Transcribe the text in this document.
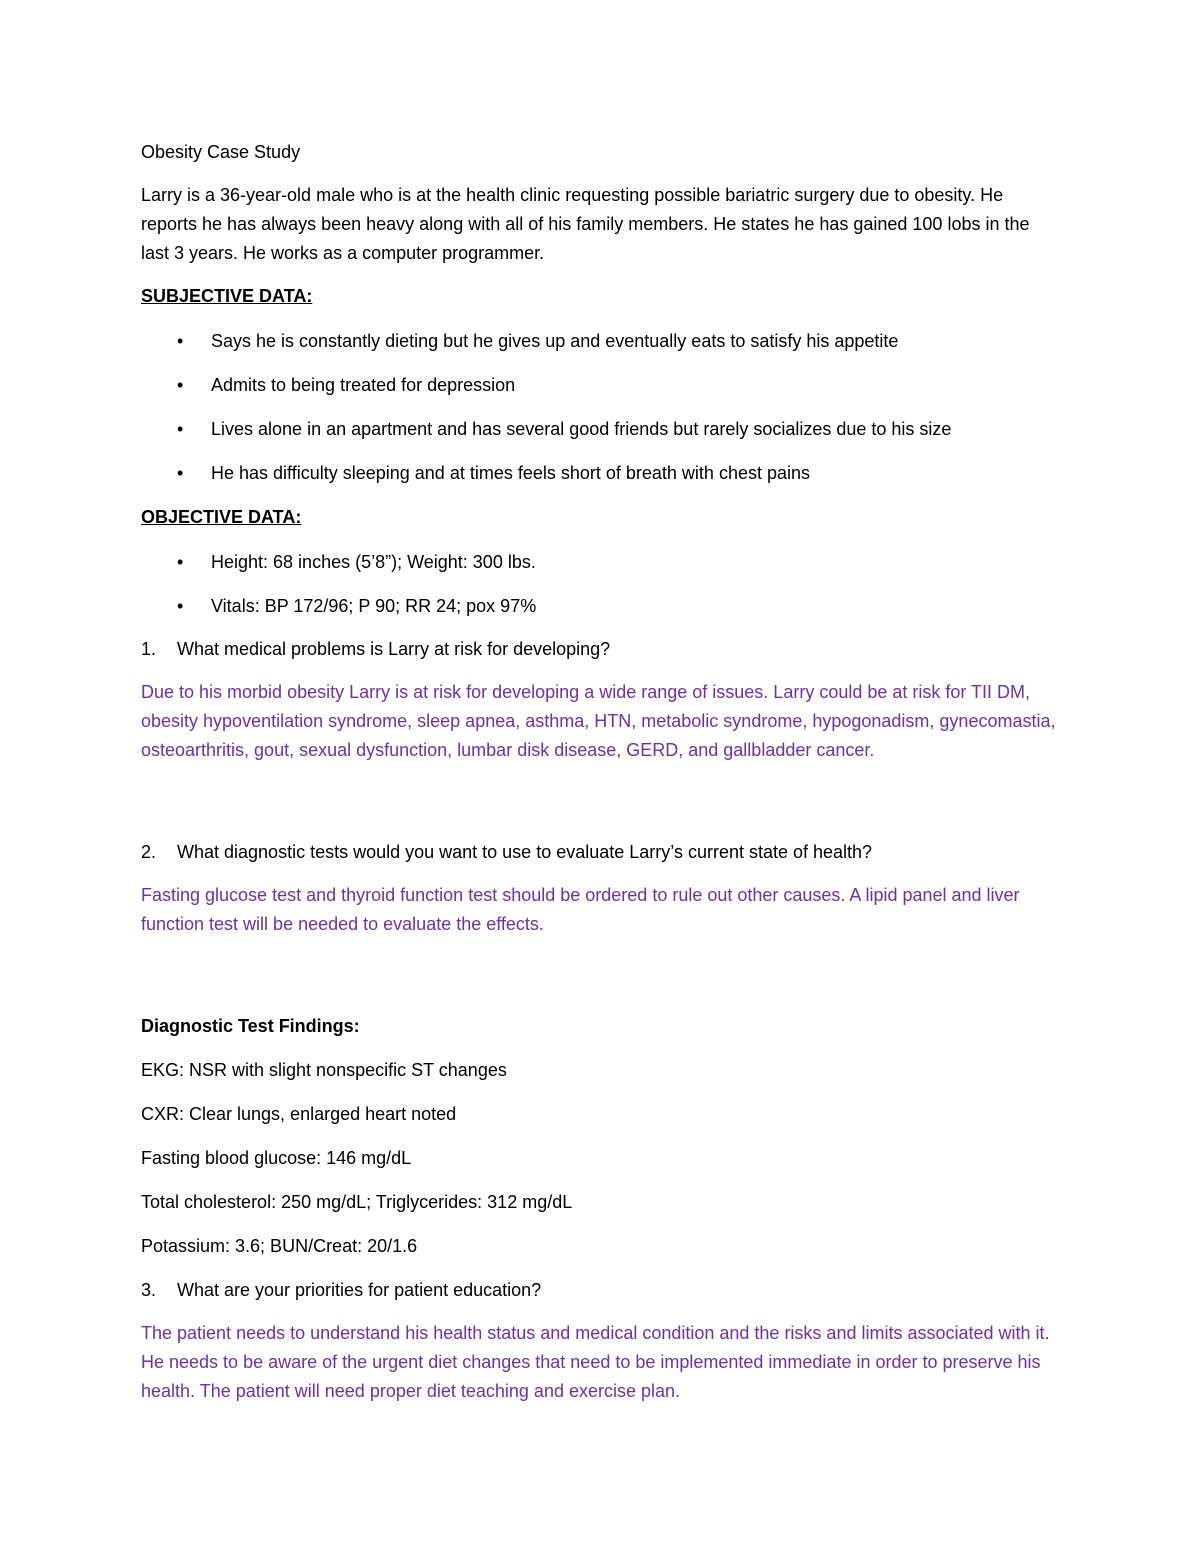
Obesity Case Study

Larry is a 36-year-old male who is at the health clinic requesting possible bariatric surgery due to obesity. He reports he has always been heavy along with all of his family members. He states he has gained 100 lobs in the last 3 years. He works as a computer programmer.

SUBJECTIVE DATA:

• Says he is constantly dieting but he gives up and eventually eats to satisfy his appetite
• Admits to being treated for depression
• Lives alone in an apartment and has several good friends but rarely socializes due to his size
• He has difficulty sleeping and at times feels short of breath with chest pains

OBJECTIVE DATA:

• Height: 68 inches (5’8”); Weight: 300 lbs.
• Vitals: BP 172/96; P 90; RR 24; pox 97%
1.	What medical problems is Larry at risk for developing?

Due to his morbid obesity Larry is at risk for developing a wide range of issues. Larry could be at risk for TII DM, obesity hypoventilation syndrome, sleep apnea, asthma, HTN, metabolic syndrome, hypogonadism, gynecomastia, osteoarthritis, gout, sexual dysfunction, lumbar disk disease, GERD, and gallbladder cancer.

2.	What diagnostic tests would you want to use to evaluate Larry’s current state of health?

Fasting glucose test and thyroid function test should be ordered to rule out other causes. A lipid panel and liver function test will be needed to evaluate the effects.

Diagnostic Test Findings:

EKG: NSR with slight nonspecific ST changes

CXR: Clear lungs, enlarged heart noted

Fasting blood glucose: 146 mg/dL

Total cholesterol: 250 mg/dL; Triglycerides: 312 mg/dL

Potassium: 3.6; BUN/Creat: 20/1.6

3.	What are your priorities for patient education?

The patient needs to understand his health status and medical condition and the risks and limits associated with it. He needs to be aware of the urgent diet changes that need to be implemented immediate in order to preserve his health. The patient will need proper diet teaching and exercise plan.
